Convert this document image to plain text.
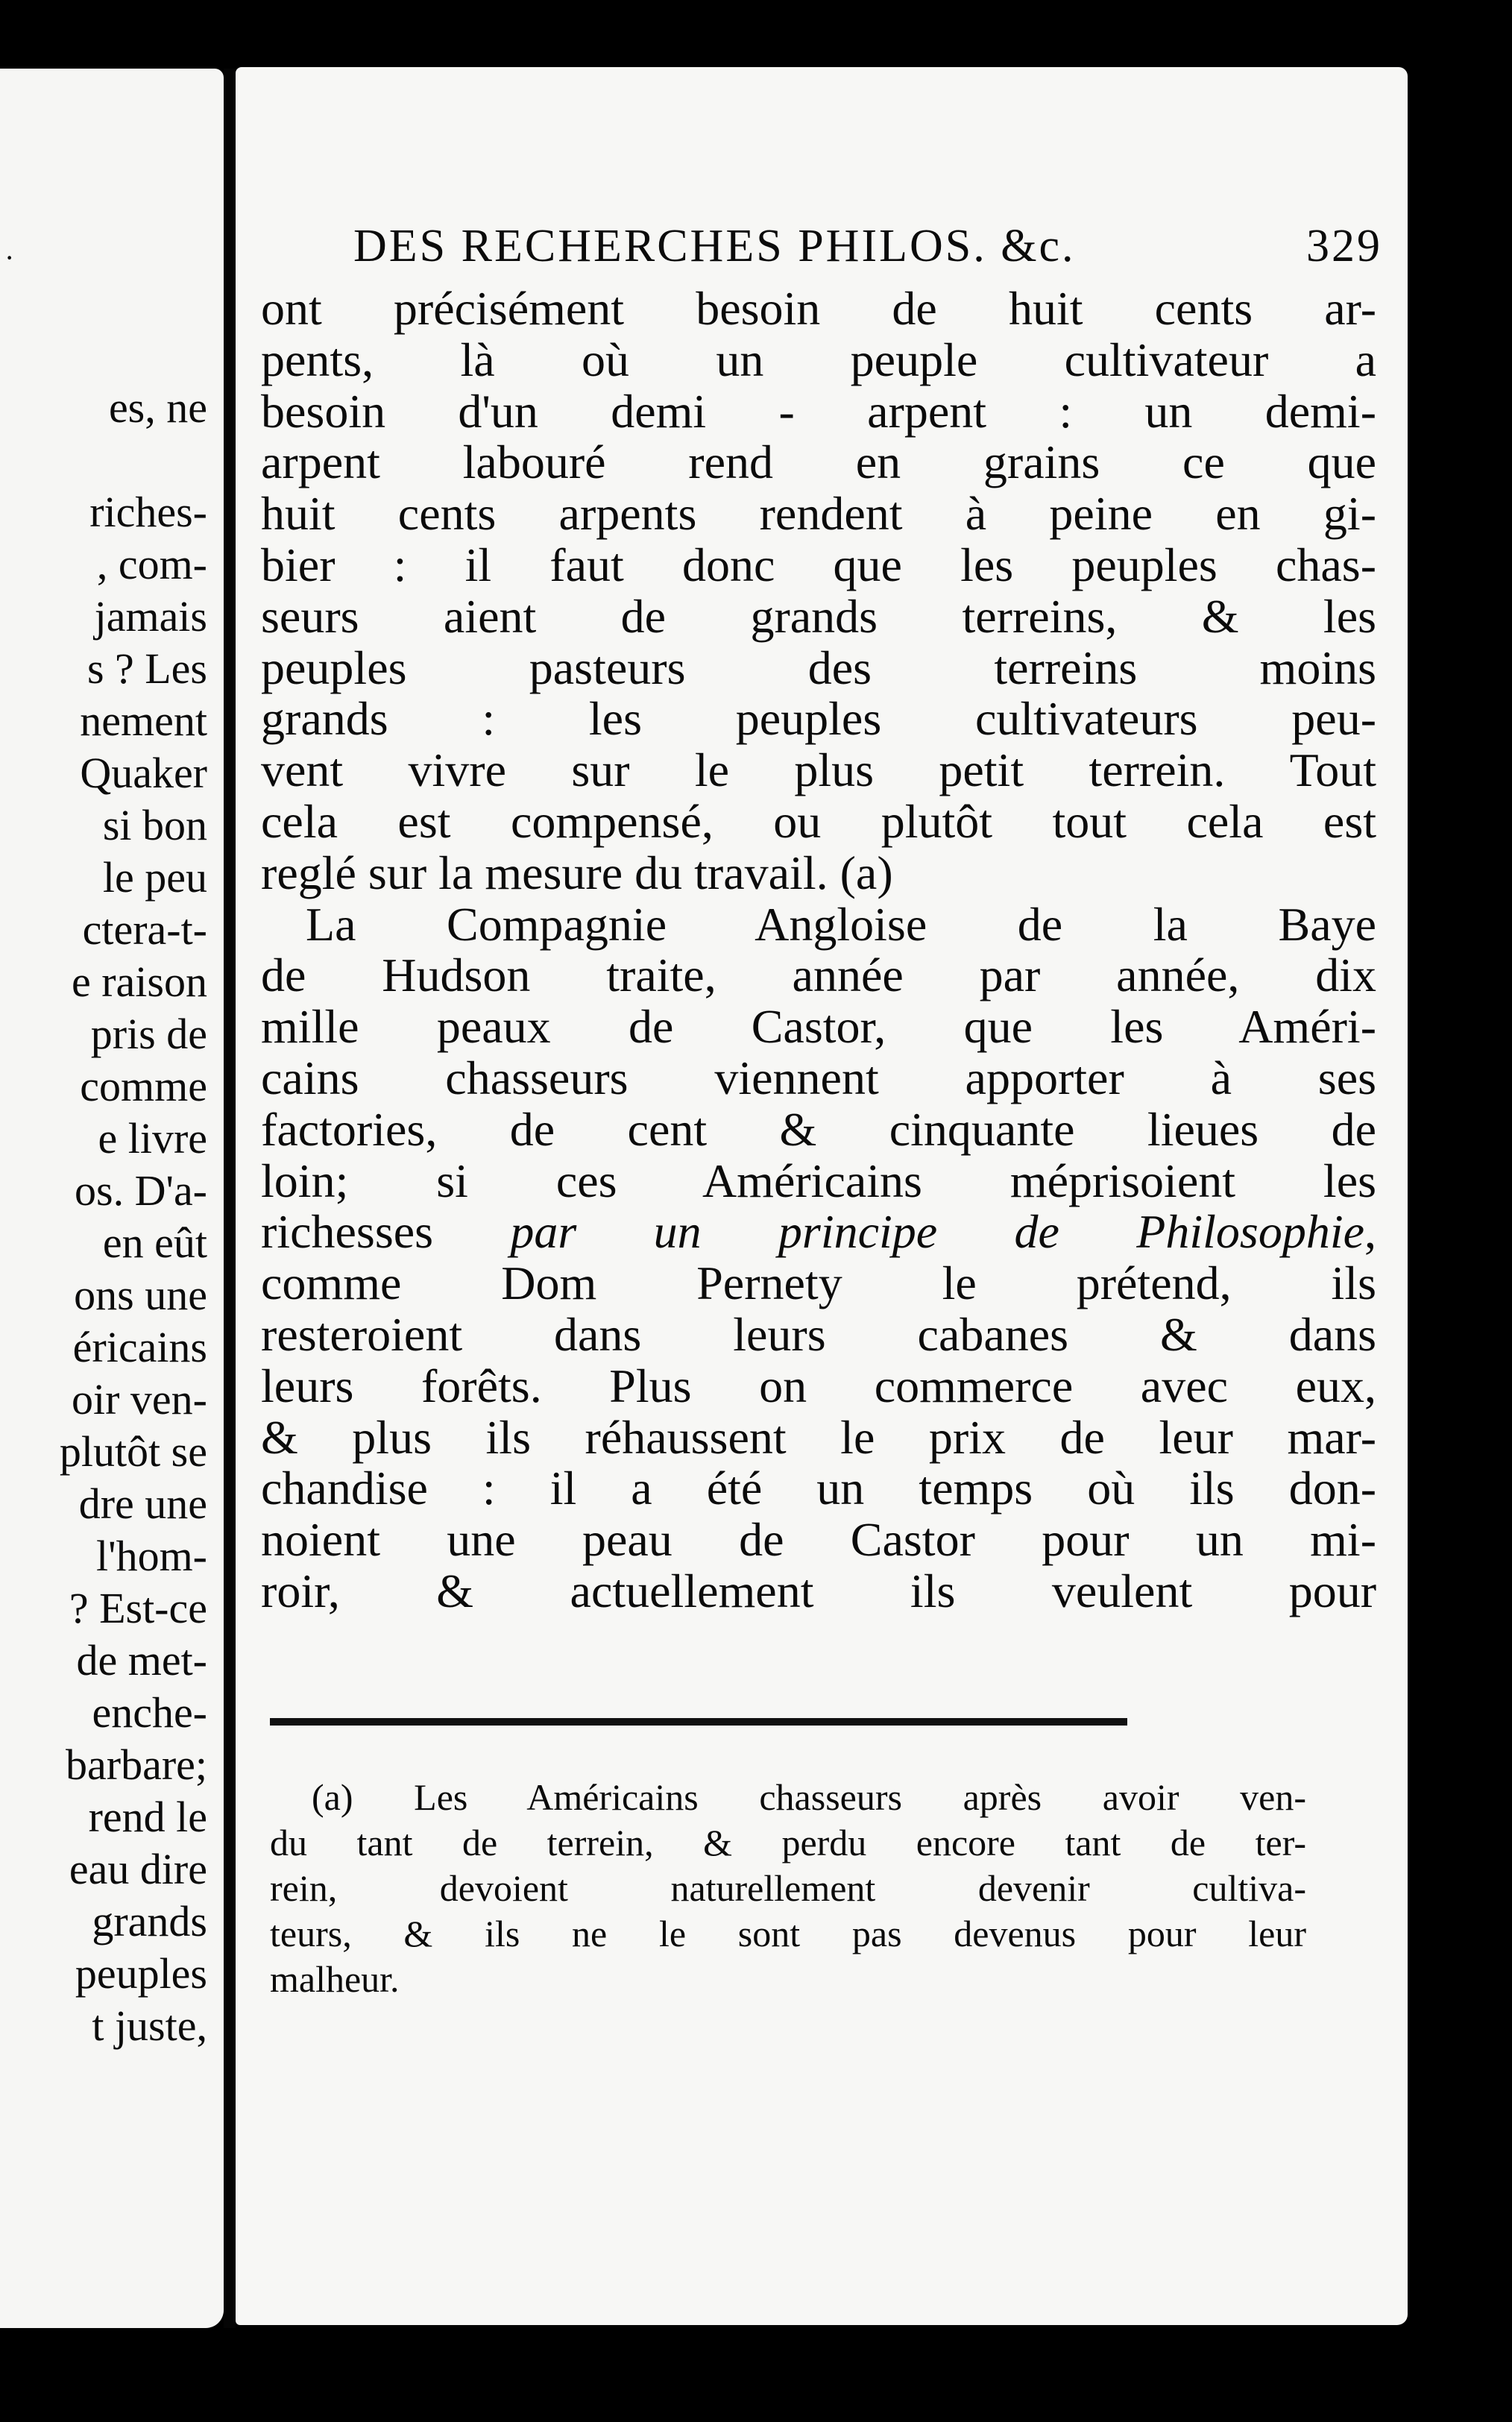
·
es, ne

riches-
, com-
jamais
s ? Les
nement
Quaker
si bon
le peu
ctera-t-
e raison
pris de
comme
e livre
os. D'a-
en eût
ons une
éricains
oir ven-
plutôt se
dre une
l'hom-
? Est-ce
de met-
enche-
barbare;
rend le
eau dire
grands
peuples
t juste,
DES RECHERCHES PHILOS. &c.	329
ont précisément besoin de huit cents ar-
pents, là où un peuple cultivateur a
besoin d'un demi - arpent : un demi-
arpent labouré rend en grains ce que
huit cents arpents rendent à peine en gi-
bier : il faut donc que les peuples chas-
seurs aient de grands terreins, & les
peuples pasteurs des terreins moins
grands : les peuples cultivateurs peu-
vent vivre sur le plus petit terrein. Tout
cela est compensé, ou plutôt tout cela est
reglé sur la mesure du travail. (a)
La Compagnie Angloise de la Baye
de Hudson traite, année par année, dix
mille peaux de Castor, que les Améri-
cains chasseurs viennent apporter à ses
factories, de cent & cinquante lieues de
loin; si ces Américains méprisoient les
richesses par un principe de Philosophie,
comme Dom Pernety le prétend, ils
resteroient dans leurs cabanes & dans
leurs forêts. Plus on commerce avec eux,
& plus ils réhaussent le prix de leur mar-
chandise : il a été un temps où ils don-
noient une peau de Castor pour un mi-
roir, & actuellement ils veulent pour
(a) Les Américains chasseurs après avoir ven-
du tant de terrein, & perdu encore tant de ter-
rein, devoient naturellement devenir cultiva-
teurs, & ils ne le sont pas devenus pour leur
malheur.
